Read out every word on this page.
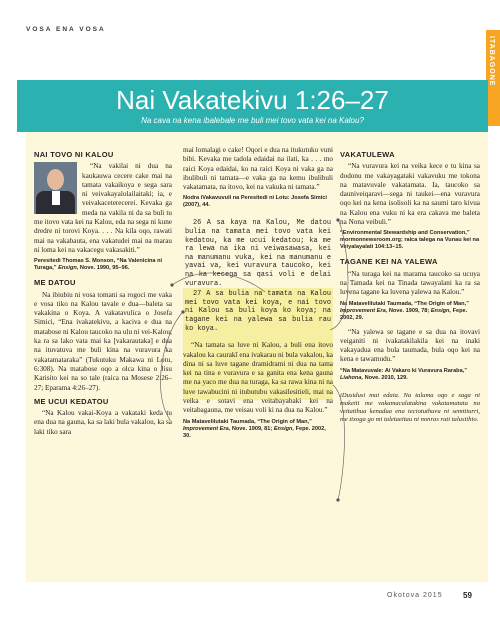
VOSA ENA VOSA
ITABAGONE
Nai Vakatekivu 1:26–27
Na cava na kena ibalebale me buli mei tovo vata kei na Kalou?
NAI TOVO NI KALOU

“Na vakilai ni dua na kaukauwa cecere cake mai na tamata vakaikoya e sega sara ni veivakayalolailaitaki; ia, e veivakaceterecerei. Kevaka ga meda na vakila ni da sa buli tu me itovo vata kei na Kalou, eda na sega ni kune dredre ni torovi Koya. . . . Na kila oqo, rawati mai na vakabauta, ena vakatudei mai na marau ni loma kei na vakacegu vakasakiti.”

Peresitedi Thomas S. Monson, “Na Valenicina ni Turaga,” Ensign, Nove. 1990, 95–96.

ME DATOU

Na ibiubiu ni vosa tomani sa rogoci me vaka e vosa tiko na Kalou tavale e dua—baleta sa vakakina o Koya. A vakatavulica o Josefa Simici, “Ena ivakatekivu, a kaciva e dua na matabose ni Kalou taucoko na ulu ni vei-Kalou; ka ra sa lako vata mai ka [vakarautaka] e dua na ituvatuva me buli kina na vuravura ka vakatamataraka” (Tukutuku Makawa ni Lotu, 6:308). Na matabose oqo a olca kina o Jisu Karisito kei na so tale (raica na Mosese 2:26–27; Eparama 4:26–27).

ME UCUI KEDATOU

“Na Kalou vakai-Koya a vakataki keda tu ena dua na gauna, ka sa laki bula vakalou, ka sa laki tiko sara

mai lomalagi e cake! Oqori e dua na itukutuku vuni bibi. Kevaka me tadola edaidai na ilati, ka . . . mo raici Koya edaidai, ko na raici Koya ni vaka ga na ibulibuli ni tamata—e vaka ga na kemu ibulibuli vakatamata, na itovo, kei na vakuka ni tamata.”

Nodra iVakavuvuli na Peresitedi ni Lotu: Josefa Simici (2007), 44.

26 A sa kaya na Kalou, Me datou bulia na tamata mei tovo vata kei kedatou, ka me ucui kedatou; ka me ra lewa na ika ni veiwasawasa, kei na manumanu vuka, kei na manumanu e yavai va, kei vuravura taucoko, kei na ka kecega sa qasi voli e delai vuravura.

27 A sa bulia na tamata na Kalou mei tovo vata kei koya, e nai tovo ni Kalou sa buli koya ko koya; na tagane kei na yalewa sa bulia rau ko koya.

“Na tamata sa luve ni Kalou, a buli ena itovo vakalou ka caurakî ena ivakarau ni bula vakalou, ka dina ni sa luve tagane dramidrami ni dua na tama kei na tina e vuravura e sa ganita ena kena gauna me na yaco me dua na turaga, ka sa rawa kina ni na luve tawabucini ni itubutubu vakasilesitieli, mai na veika e sotavi ena veitabayabaki kei na veitabagauna, me veisau voli ki na dua na Kalou.”

Na Matavelilutaki Taumada, “The Origin of Man,” Improvement Era, Nove. 1909, 81; Ensign, Fepe. 2002, 30.

VAKATULEWA

“Na vuravura kei na veika kece e tu kina sa dodonu me vakayagataki vakavuku me tokona na matavuvale vakatamata. Ia, taucoko sa dauniveiqaravi—sega ni taukei—ena vuravura oqo kei na kena isolisoli ka na saumi taro kivua na Kalou ena vuku ni ka era cakava me baleta na Nona veibuli.”

“Environmental Stewardship and Conservation,” mormonnewsroom.org; raica talega na Vunau kei na Veiyalayalati 104:13–15.

TAGANE KEI NA YALEWA

“Na turaga kei na marama taucoko sa ucuya na Tamada kei na Tinada tawayalani ka ra sa luvena tagane ka luvena yalewa na Kalou.”

Na Matavelilutaki Taumada, “The Origin of Man,” Improvement Era, Nove. 1909, 78; Ensign, Fepe. 2002, 29.

“Na yalewa se tagane e sa dua na itovavi veiganiti ni ivakatakilakila kei na inaki vakayadua ena bula taumada, bula oqo kei na kena e tawamudu.”

“Na Matavuvale: Ai Vakaro ki Vuravura Raraba,” Liahona, Nove. 2010, 129.

iDusidusi mai edaia. Na taluma oqo e saga ni makeiti me vakamacalatakina vakatamatata na veitatihua kenadua ena teciotuthuvu ni semitiurri, me tixoga go mi taletaeitau ni nonras ruti talusiihio.

Okotova 2015	59
